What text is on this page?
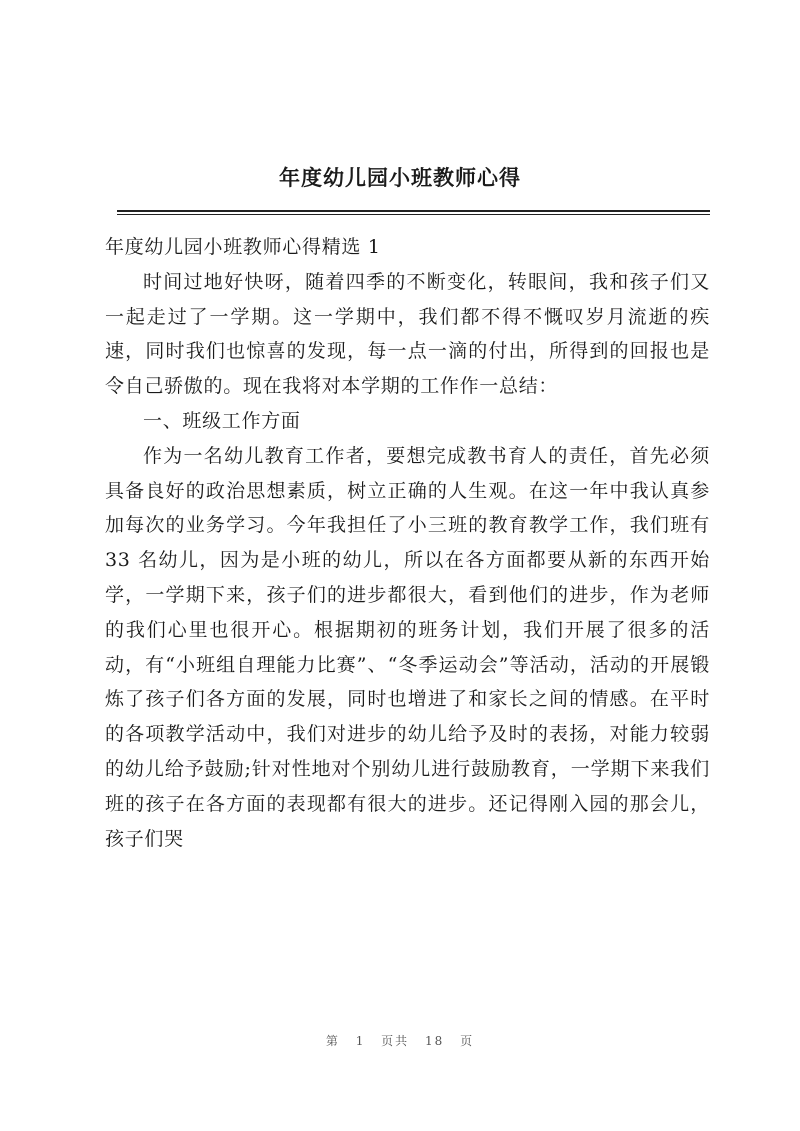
年度幼儿园小班教师心得

年度幼儿园小班教师心得精选 1

时间过地好快呀，随着四季的不断变化，转眼间，我和孩子们又一起走过了一学期。这一学期中，我们都不得不慨叹岁月流逝的疾速，同时我们也惊喜的发现，每一点一滴的付出，所得到的回报也是令自己骄傲的。现在我将对本学期的工作作一总结：

一、班级工作方面

作为一名幼儿教育工作者，要想完成教书育人的责任，首先必须具备良好的政治思想素质，树立正确的人生观。在这一年中我认真参加每次的业务学习。今年我担任了小三班的教育教学工作，我们班有 33 名幼儿，因为是小班的幼儿，所以在各方面都要从新的东西开始学，一学期下来，孩子们的进步都很大，看到他们的进步，作为老师的我们心里也很开心。根据期初的班务计划，我们开展了很多的活动，有“小班组自理能力比赛”、“冬季运动会”等活动，活动的开展锻炼了孩子们各方面的发展，同时也增进了和家长之间的情感。在平时的各项教学活动中，我们对进步的幼儿给予及时的表扬，对能力较弱的幼儿给予鼓励;针对性地对个别幼儿进行鼓励教育，一学期下来我们班的孩子在各方面的表现都有很大的进步。还记得刚入园的那会儿，孩子们哭

第 1 页共 18 页
